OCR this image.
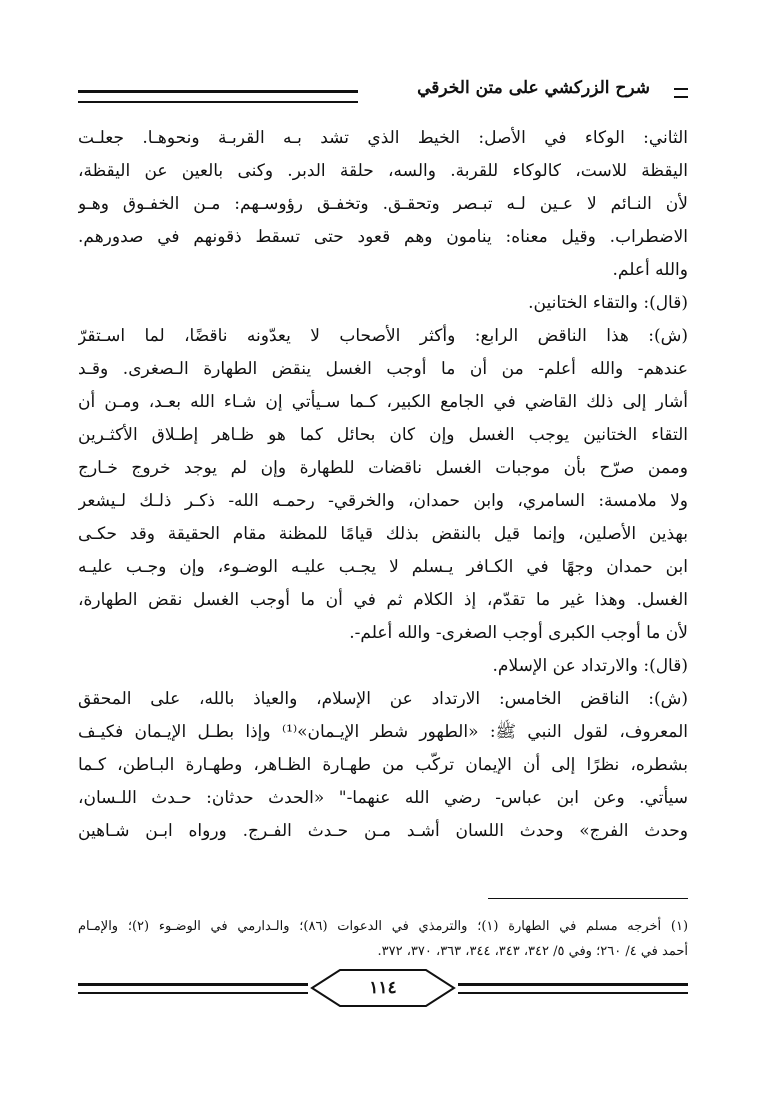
شرح الزركشي على متن الخرقي
الثاني: الوكاء في الأصل: الخيط الذي تشد بـه القربـة ونحوهـا. جعلـت
اليقظة للاست، كالوكاء للقربة. والسه، حلقة الدبر. وكنى بالعين عن اليقظة،
لأن النـائم لا عـين لـه تبـصر وتحقـق. وتخفـق رؤوسـهم: مـن الخفـوق وهـو
الاضطراب. وقيل معناه: ينامون وهم قعود حتى تسقط ذقونهم في صدورهم.
والله أعلم.
(قال): والتقاء الختانين.
(ش): هذا الناقض الرابع: وأكثر الأصحاب لا يعدّونه ناقضًا، لما اسـتقرّ
عندهم- والله أعلم- من أن ما أوجب الغسل ينقض الطهارة الـصغرى. وقـد
أشار إلى ذلك القاضي في الجامع الكبير، كـما سـيأتي إن شـاء الله بعـد، ومـن أن
التقاء الختانين يوجب الغسل وإن كان بحائل كما هو ظـاهر إطـلاق الأكثـرين
وممن صرّح بأن موجبات الغسل ناقضات للطهارة وإن لم يوجد خروج خـارج
ولا ملامسة: السامري، وابن حمدان، والخرقي- رحمـه الله- ذكـر ذلـك لـيشعر
بهذين الأصلين، وإنما قيل بالنقض بذلك قيامًا للمظنة مقام الحقيقة وقد حكـى
ابن حمدان وجهًا في الكـافر يـسلم لا يجـب عليـه الوضـوء، وإن وجـب عليـه
الغسل. وهذا غير ما تقدّم، إذ الكلام ثم في أن ما أوجب الغسل نقض الطهارة،
لأن ما أوجب الكبرى أوجب الصغرى- والله أعلم-.
(قال): والارتداد عن الإسلام.
(ش): الناقض الخامس: الارتداد عن الإسلام، والعياذ بالله، على المحقق
المعروف، لقول النبي ﷺ: «الطهور شطر الإيـمان»⁽¹⁾ وإذا بطـل الإيـمان فكيـف
بشطره، نظرًا إلى أن الإيمان تركّب من طهـارة الظـاهر، وطهـارة البـاطن، كـما
سيأتي. وعن ابن عباس- رضي الله عنهما-" «الحدث حدثان: حـدث اللـسان،
وحدث الفرج» وحدث اللسان أشـد مـن حـدث الفـرج. ورواه ابـن شـاهين
(١) أخرجه مسلم في الطهارة (١)؛ والترمذي في الدعوات (٨٦)؛ والـدارمي في الوضـوء (٢)؛ والإمـام
أحمد في ٤/ ٢٦٠؛ وفي ٥/ ٣٤٢، ٣٤٣، ٣٤٤، ٣٦٣، ٣٧٠، ٣٧٢.
١١٤
